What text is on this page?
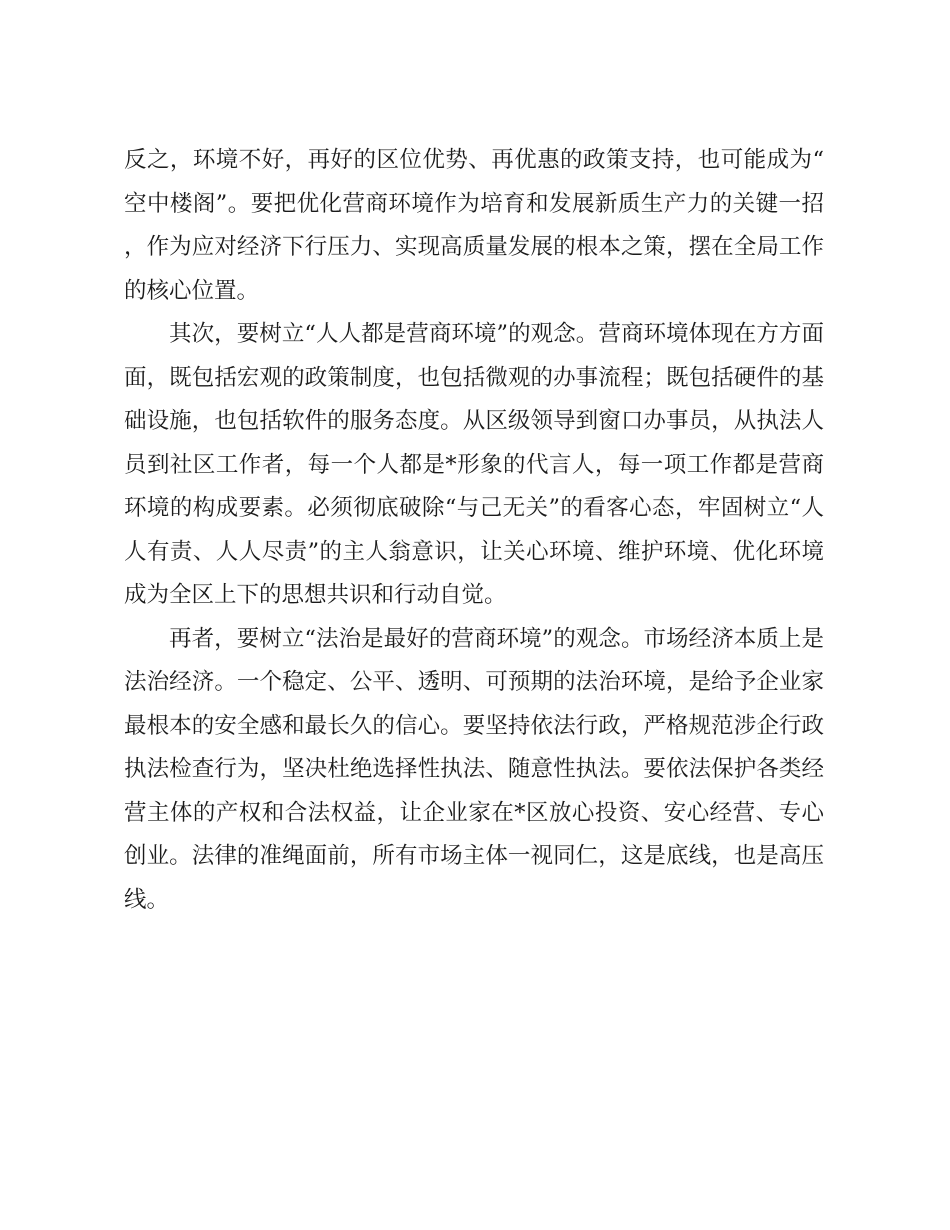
反之，环境不好，再好的区位优势、再优惠的政策支持，也可能成为“空中楼阁”。要把优化营商环境作为培育和发展新质生产力的关键一招，作为应对经济下行压力、实现高质量发展的根本之策，摆在全局工作的核心位置。

其次，要树立“人人都是营商环境”的观念。营商环境体现在方方面面，既包括宏观的政策制度，也包括微观的办事流程；既包括硬件的基础设施，也包括软件的服务态度。从区级领导到窗口办事员，从执法人员到社区工作者，每一个人都是*形象的代言人，每一项工作都是营商环境的构成要素。必须彻底破除“与己无关”的看客心态，牢固树立“人人有责、人人尽责”的主人翁意识，让关心环境、维护环境、优化环境成为全区上下的思想共识和行动自觉。

再者，要树立“法治是最好的营商环境”的观念。市场经济本质上是法治经济。一个稳定、公平、透明、可预期的法治环境，是给予企业家最根本的安全感和最长久的信心。要坚持依法行政，严格规范涉企行政执法检查行为，坚决杜绝选择性执法、随意性执法。要依法保护各类经营主体的产权和合法权益，让企业家在*区放心投资、安心经营、专心创业。法律的准绳面前，所有市场主体一视同仁，这是底线，也是高压线。
